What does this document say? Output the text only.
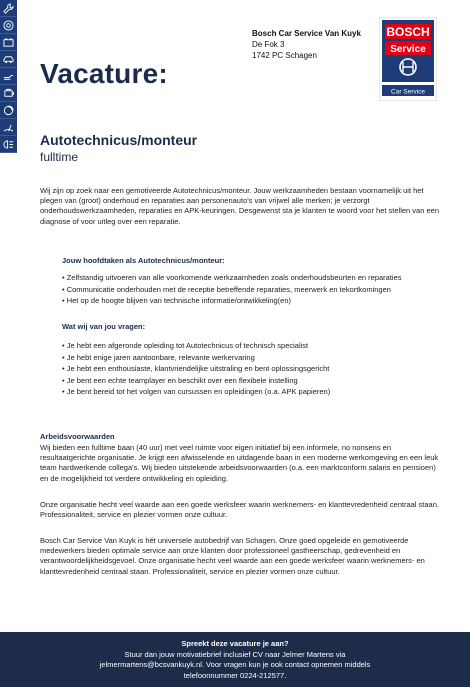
Bosch Car Service Van Kuyk
De Fok 3
1742 PC Schagen
BOSCH
Service
Car Service
Vacature:
Autotechnicus/monteur
fulltime

Wij zijn op zoek naar een gemotiveerde Autotechnicus/monteur. Jouw werkzaamheden bestaan voornamelijk uit het plegen van (groot) onderhoud en reparaties aan personenauto's van vrijwel alle merken; je verzorgt onderhoudswerkzaamheden, reparaties en APK-keuringen. Desgewenst sta je klanten te woord voor het stellen van een diagnose of voor uitleg over een reparatie.

Jouw hoofdtaken als Autotechnicus/monteur:
• Zelfstandig uitvoeren van alle voorkomende werkzaamheden zoals onderhoudsbeurten en reparaties
• Communicatie onderhouden met de receptie betreffende reparaties, meerwerk en tekortkomingen
• Het op de hoogte blijven van technische informatie/ontwikkeling(en)
Wat wij van jou vragen:
• Je hebt een afgeronde opleiding tot Autotechnicus of technisch specialist
• Je hebt enige jaren aantoonbare, relevante werkervaring
• Je hebt een enthousiaste, klantvriendelijke uitstraling en bent oplossingsgericht
• Je bent een echte teamplayer en beschikt over een flexibele instelling
• Je bent bereid tot het volgen van cursussen en opleidingen (o.a. APK papieren)
Arbeidsvoorwaarden

Wij bieden een fulltime baan (40 uur) met veel ruimte voor eigen initiatief bij een informele, no nonsens en resultaatgerichte organisatie. Je krijgt een afwisselende en uitdagende baan in een moderne werkomgeving en een leuk team hardwerkende collega's. Wij bieden uitstekende arbeidsvoorwaarden (o.a. een marktconform salaris en pensioen) en de mogelijkheid tot verdere ontwikkeling en opleiding.

Onze organisatie hecht veel waarde aan een goede werksfeer waarin werknemers- en klanttevredenheid centraal staan. Professionaliteit, service en plezier vormen onze cultuur.

Bosch Car Service Van Kuyk is hét universele autobedrijf van Schagen. Onze goed opgeleide en gemotiveerde medewerkers bieden optimale service aan onze klanten door professioneel gastheerschap, gedrevenheid en verantwoordelijkheidsgevoel. Onze organisatie hecht veel waarde aan een goede werksfeer waarin werknemers- en klanttevredenheid centraal staan. Professionaliteit, service en plezier vormen onze cultuur.

Spreekt deze vacature je aan?
Stuur dan jouw motivatiebrief inclusief CV naar Jelmer Martens via
jelmermartens@bcsvankuyk.nl. Voor vragen kun je ook contact opnemen middels
telefoonnummer 0224-212577.
